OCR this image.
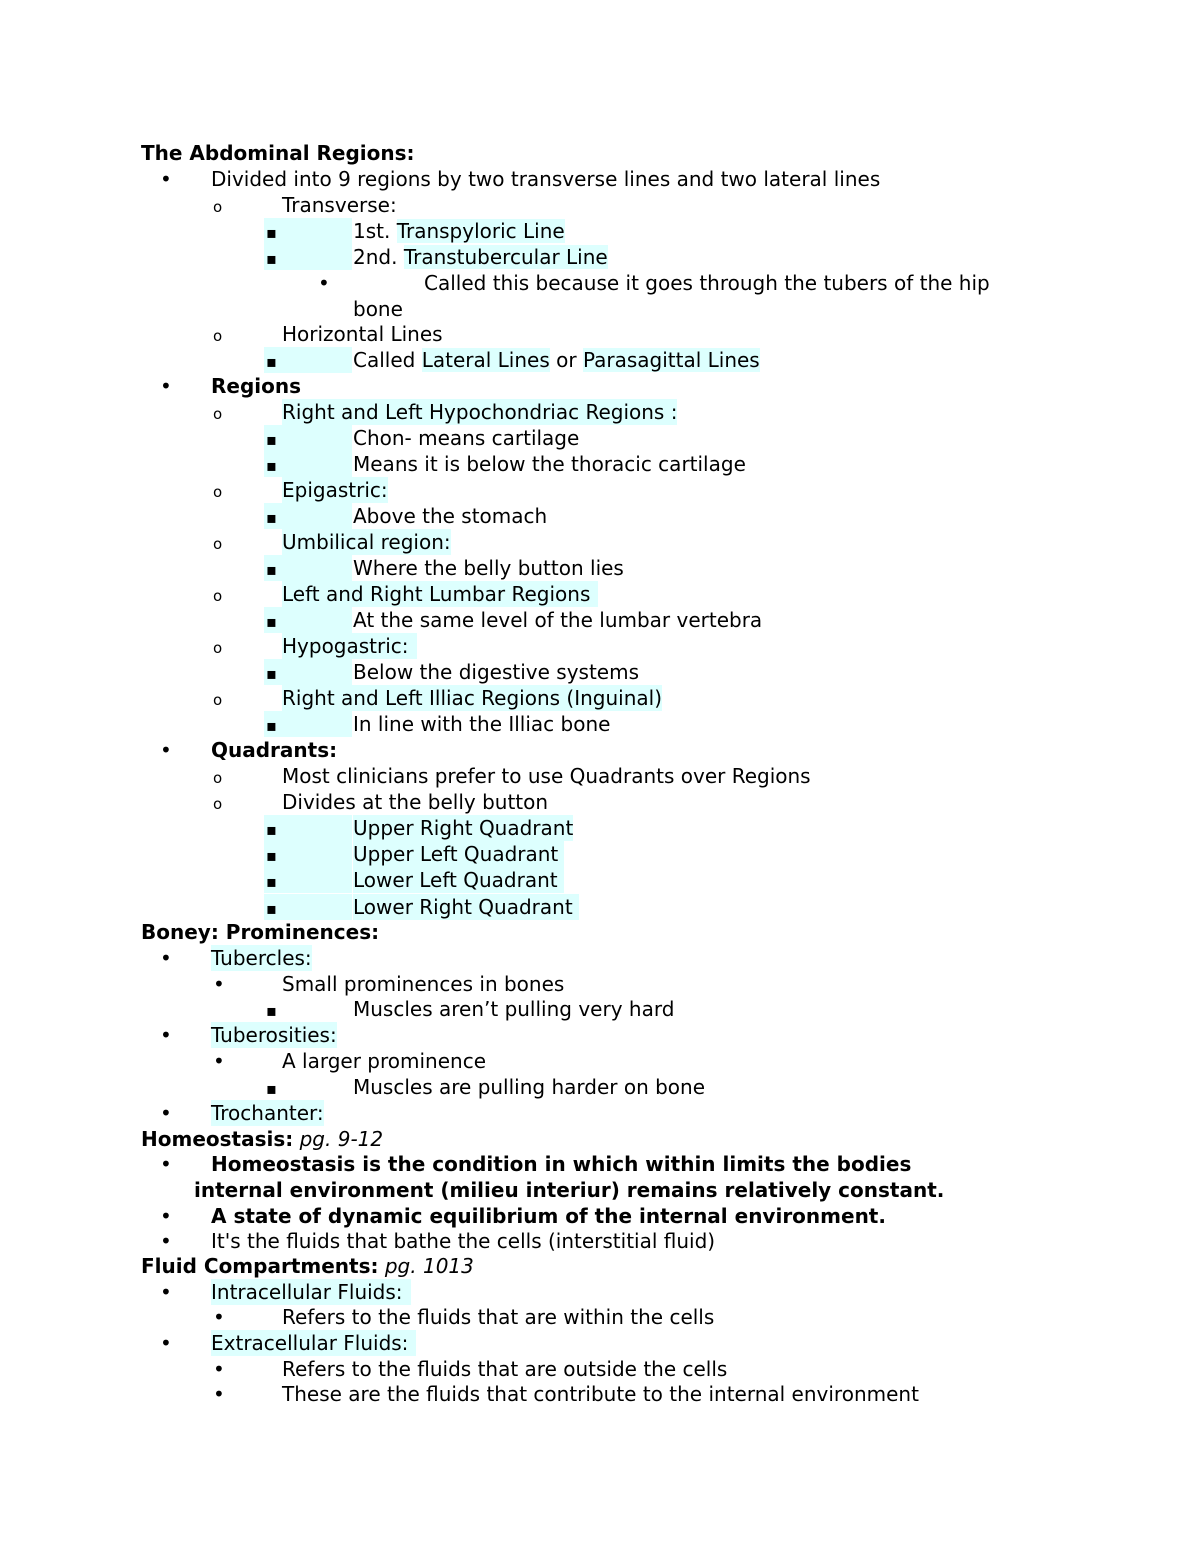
The Abdominal Regions:
•
Divided into 9 regions by two transverse lines and two lateral lines
o
Transverse:
▪
1st. Transpyloric Line
▪
2nd. Transtubercular Line
•
Called this because it goes through the tubers of the hip
bone
o
Horizontal Lines
▪
Called Lateral Lines or Parasagittal Lines
•
Regions
o
Right and Left Hypochondriac Regions :
▪
Chon- means cartilage
▪
Means it is below the thoracic cartilage
o
Epigastric:
▪
Above the stomach
o
Umbilical region:
▪
Where the belly button lies
o
Left and Right Lumbar Regions
▪
At the same level of the lumbar vertebra
o
Hypogastric:
▪
Below the digestive systems
o
Right and Left Illiac Regions (Inguinal)
▪
In line with the Illiac bone
•
Quadrants:
o
Most clinicians prefer to use Quadrants over Regions
o
Divides at the belly button
▪
Upper Right Quadrant
▪
Upper Left Quadrant
▪
Lower Left Quadrant
▪
Lower Right Quadrant
Boney: Prominences:
•
Tubercles:
•
Small prominences in bones
▪
Muscles aren’t pulling very hard
•
Tuberosities:
•
A larger prominence
▪
Muscles are pulling harder on bone
•
Trochanter:
Homeostasis: pg. 9-12
•
Homeostasis is the condition in which within limits the bodies
internal environment (milieu interiur) remains relatively constant.
•
A state of dynamic equilibrium of the internal environment.
•
It's the fluids that bathe the cells (interstitial fluid)
Fluid Compartments: pg. 1013
•
Intracellular Fluids:
•
Refers to the fluids that are within the cells
•
Extracellular Fluids:
•
Refers to the fluids that are outside the cells
•
These are the fluids that contribute to the internal environment
